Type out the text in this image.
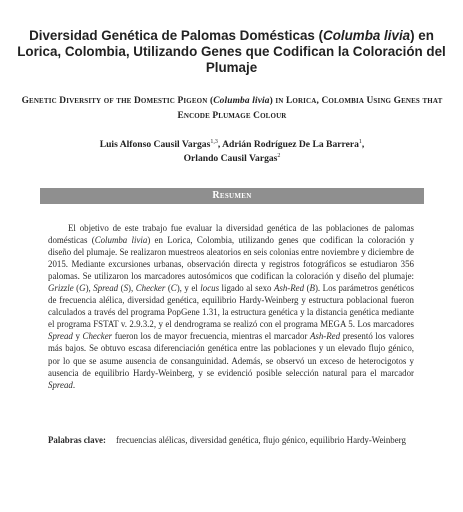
Diversidad Genética de Palomas Domésticas (Columba livia) en Lorica, Colombia, Utilizando Genes que Codifican la Coloración del Plumaje
Genetic Diversity of the Domestic Pigeon (Columba livia) in Lorica, Colombia Using Genes that Encode Plumage Colour
Luis Alfonso Causil Vargas$^{1,3}$, Adrián Rodríguez De La Barrera$^1$,
Orlando Causil Vargas$^2$
Resumen

El objetivo de este trabajo fue evaluar la diversidad genética de las poblaciones de palomas domésticas (Columba livia) en Lorica, Colombia, utilizando genes que codifican la coloración y diseño del plumaje. Se realizaron muestreos aleatorios en seis colonias entre noviembre y diciembre de 2015. Mediante excursiones urbanas, observación directa y registros fotográficos se estudiaron 356 palomas. Se utilizaron los marcadores autosómicos que codifican la coloración y diseño del plumaje: Grizzle (G), Spread (S), Checker (C), y el locus ligado al sexo Ash-Red (B). Los parámetros genéticos de frecuencia alélica, diversidad genética, equilibrio Hardy-Weinberg y estructura poblacional fueron calculados a través del programa PopGene 1.31, la estructura genética y la distancia genética mediante el programa FSTAT v. 2.9.3.2, y el dendrograma se realizó con el programa MEGA 5. Los marcadores Spread y Checker fueron los de mayor frecuencia, mientras el marcador Ash-Red presentó los valores más bajos. Se obtuvo escasa diferenciación genética entre las poblaciones y un elevado flujo génico, por lo que se asume ausencia de consanguinidad. Además, se observó un exceso de heterocigotos y ausencia de equilibrio Hardy-Weinberg, y se evidenció posible selección natural para el marcador Spread.

Palabras clave: frecuencias alélicas, diversidad genética, flujo génico, equilibrio Hardy-Weinberg
